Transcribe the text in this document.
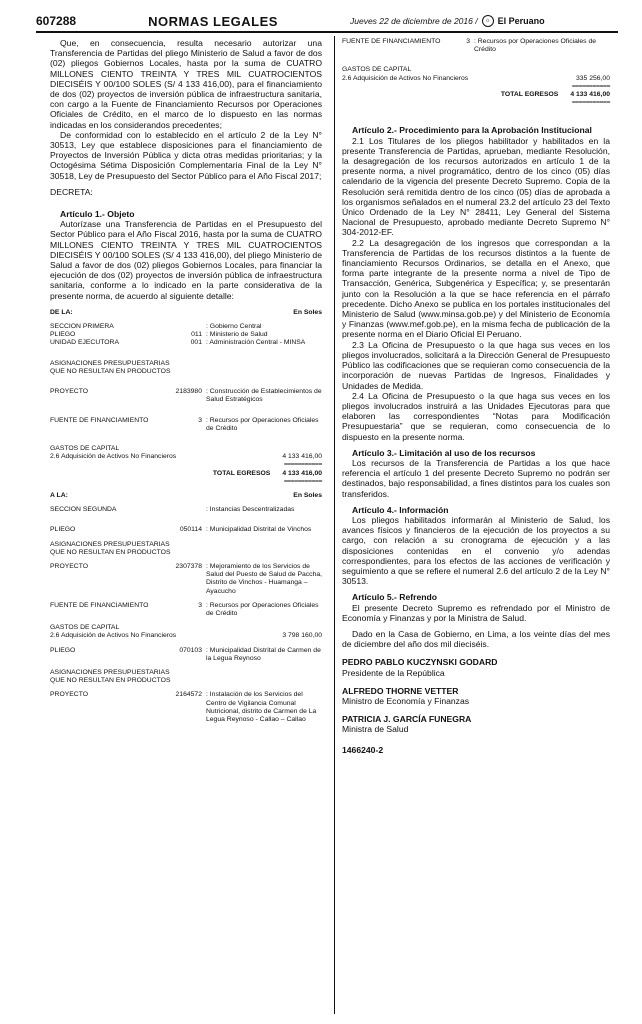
607288	NORMAS LEGALES	Jueves 22 de diciembre de 2016 /	☼ El Peruano

Que, en consecuencia, resulta necesario autorizar una Transferencia de Partidas del pliego Ministerio de Salud a favor de dos (02) pliegos Gobiernos Locales, hasta por la suma de CUATRO MILLONES CIENTO TREINTA Y TRES MIL CUATROCIENTOS DIECISÉIS Y 00/100 SOLES (S/ 4 133 416,00), para el financiamiento de dos (02) proyectos de inversión pública de infraestructura sanitaria, con cargo a la Fuente de Financiamiento Recursos por Operaciones Oficiales de Crédito, en el marco de lo dispuesto en las normas indicadas en los considerandos precedentes;

De conformidad con lo establecido en el artículo 2 de la Ley N° 30513, Ley que establece disposiciones para el financiamiento de Proyectos de Inversión Pública y dicta otras medidas prioritarias; y la Octogésima Sétima Disposición Complementaria Final de la Ley N° 30518, Ley de Presupuesto del Sector Público para el Año Fiscal 2017;

DECRETA:

Artículo 1.- Objeto

Autorízase una Transferencia de Partidas en el Presupuesto del Sector Público para el Año Fiscal 2016, hasta por la suma de CUATRO MILLONES CIENTO TREINTA Y TRES MIL CUATROCIENTOS DIECISÉIS Y 00/100 SOLES (S/ 4 133 416,00), del pliego Ministerio de Salud a favor de dos (02) pliegos Gobiernos Locales, para financiar la ejecución de dos (02) proyectos de inversión pública de infraestructura sanitaria, conforme a lo indicado en la parte considerativa de la presente norma, de acuerdo al siguiente detalle:

DE LA:	En Soles
SECCION PRIMERA	: Gobierno Central
PLIEGO	011 : Ministerio de Salud
UNIDAD EJECUTORA	001 : Administración Central - MINSA
ASIGNACIONES PRESUPUESTARIAS
QUE NO RESULTAN EN PRODUCTOS
PROYECTO	2183980 : Construcción de Establecimientos de Salud Estratégicos
FUENTE DE FINANCIAMIENTO	3 : Recursos por Operaciones Oficiales de Crédito
GASTOS DE CAPITAL
2.6 Adquisición de Activos No Financieros	4 133 416,00
===========
TOTAL EGRESOS 4 133 416,00
===========
A LA:	En Soles
SECCION SEGUNDA	: Instancias Descentralizadas
PLIEGO	050114 : Municipalidad Distrital de Vinchos
ASIGNACIONES PRESUPUESTARIAS
QUE NO RESULTAN EN PRODUCTOS
PROYECTO	2307378 : Mejoramiento de los Servicios de Salud del Puesto de Salud de Paccha, Distrito de Vinchos - Huamanga – Ayacucho
FUENTE DE FINANCIAMIENTO	3 : Recursos por Operaciones Oficiales de Crédito
GASTOS DE CAPITAL
2.6 Adquisición de Activos No Financieros	3 798 160,00
PLIEGO	070103 : Municipalidad Distrital de Carmen de la Legua Reynoso
ASIGNACIONES PRESUPUESTARIAS
QUE NO RESULTAN EN PRODUCTOS
PROYECTO	2164572 : Instalación de los Servicios del Centro de Vigilancia Comunal Nutricional, distrito de Carmen de La Legua Reynoso - Callao – Callao
FUENTE DE FINANCIAMIENTO	3 : Recursos por Operaciones Oficiales de Crédito
GASTOS DE CAPITAL
2.6 Adquisición de Activos No Financieros	335 256,00
===========
TOTAL EGRESOS 4 133 416,00
===========

Artículo 2.- Procedimiento para la Aprobación Institucional

2.1 Los Titulares de los pliegos habilitador y habilitados en la presente Transferencia de Partidas, aprueban, mediante Resolución, la desagregación de los recursos autorizados en artículo 1 de la presente norma, a nivel programático, dentro de los cinco (05) días calendario de la vigencia del presente Decreto Supremo. Copia de la Resolución será remitida dentro de los cinco (05) días de aprobada a los organismos señalados en el numeral 23.2 del artículo 23 del Texto Único Ordenado de la Ley N° 28411, Ley General del Sistema Nacional de Presupuesto, aprobado mediante Decreto Supremo N° 304-2012-EF.

2.2 La desagregación de los ingresos que correspondan a la Transferencia de Partidas de los recursos distintos a la fuente de financiamiento Recursos Ordinarios, se detalla en el Anexo, que forma parte integrante de la presente norma a nivel de Tipo de Transacción, Genérica, Subgenérica y Específica; y, se presentarán junto con la Resolución a la que se hace referencia en el párrafo precedente. Dicho Anexo se publica en los portales institucionales del Ministerio de Salud (www.minsa.gob.pe) y del Ministerio de Economía y Finanzas (www.mef.gob.pe), en la misma fecha de publicación de la presente norma en el Diario Oficial El Peruano.

2.3 La Oficina de Presupuesto o la que haga sus veces en los pliegos involucrados, solicitará a la Dirección General de Presupuesto Público las codificaciones que se requieran como consecuencia de la incorporación de nuevas Partidas de Ingresos, Finalidades y Unidades de Medida.

2.4 La Oficina de Presupuesto o la que haga sus veces en los pliegos involucrados instruirá a las Unidades Ejecutoras para que elaboren las correspondientes “Notas para Modificación Presupuestaria” que se requieran, como consecuencia de lo dispuesto en la presente norma.

Artículo 3.- Limitación al uso de los recursos

Los recursos de la Transferencia de Partidas a los que hace referencia el artículo 1 del presente Decreto Supremo no podrán ser destinados, bajo responsabilidad, a fines distintos para los cuales son transferidos.

Artículo 4.- Información

Los pliegos habilitados informarán al Ministerio de Salud, los avances físicos y financieros de la ejecución de los proyectos a su cargo, con relación a su cronograma de ejecución y a las disposiciones contenidas en el convenio y/o adendas correspondientes, para los efectos de las acciones de verificación y seguimiento a que se refiere el numeral 2.6 del artículo 2 de la Ley N° 30513.

Artículo 5.- Refrendo

El presente Decreto Supremo es refrendado por el Ministro de Economía y Finanzas y por la Ministra de Salud.

Dado en la Casa de Gobierno, en Lima, a los veinte días del mes de diciembre del año dos mil dieciséis.

PEDRO PABLO KUCZYNSKI GODARD
Presidente de la República
ALFREDO THORNE VETTER
Ministro de Economía y Finanzas
PATRICIA J. GARCÍA FUNEGRA
Ministra de Salud
1466240-2
